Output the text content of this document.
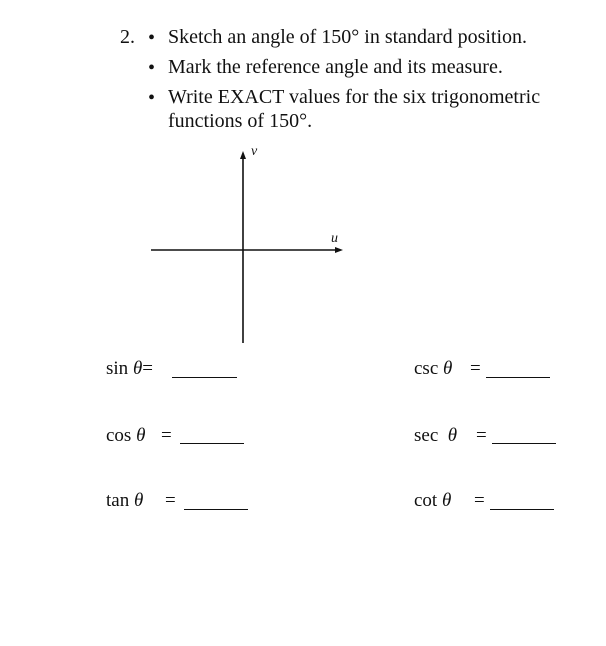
2. • Sketch an angle of 150° in standard position.
• Mark the reference angle and its measure.
• Write EXACT values for the six trigonometric
functions of 150°.
v
u
sin θ=
cos θ =
tan θ =
csc θ =
sec θ =
cot θ =
